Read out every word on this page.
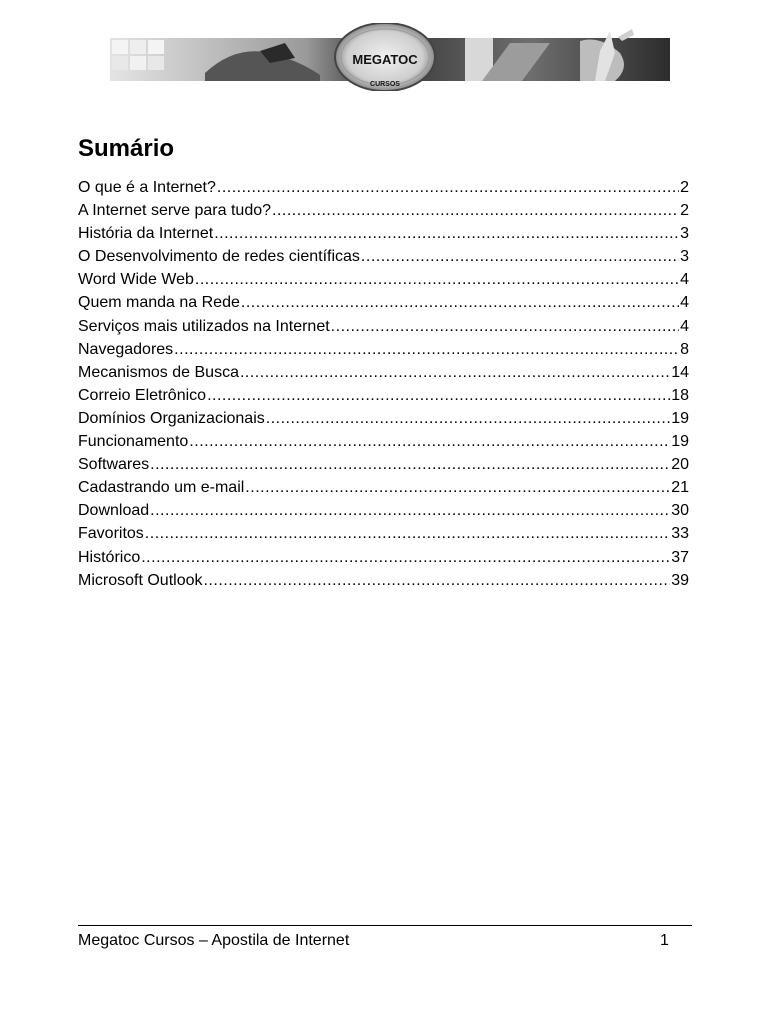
MEGATOC
CURSOS
Sumário
O que é a Internet? .....	2
A Internet serve para tudo? .....	2
História da Internet .....	3
O Desenvolvimento de redes científicas .....	3
Word Wide Web .....	4
Quem manda na Rede .....	4
Serviços mais utilizados na Internet .....	4
Navegadores .....	8
Mecanismos de Busca .....	14
Correio Eletrônico .....	18
Domínios Organizacionais .....	19
Funcionamento .....	19
Softwares .....	20
Cadastrando um e-mail .....	21
Download .....	30
Favoritos .....	33
Histórico .....	37
Microsoft Outlook .....	39
Megatoc Cursos – Apostila de Internet	1
